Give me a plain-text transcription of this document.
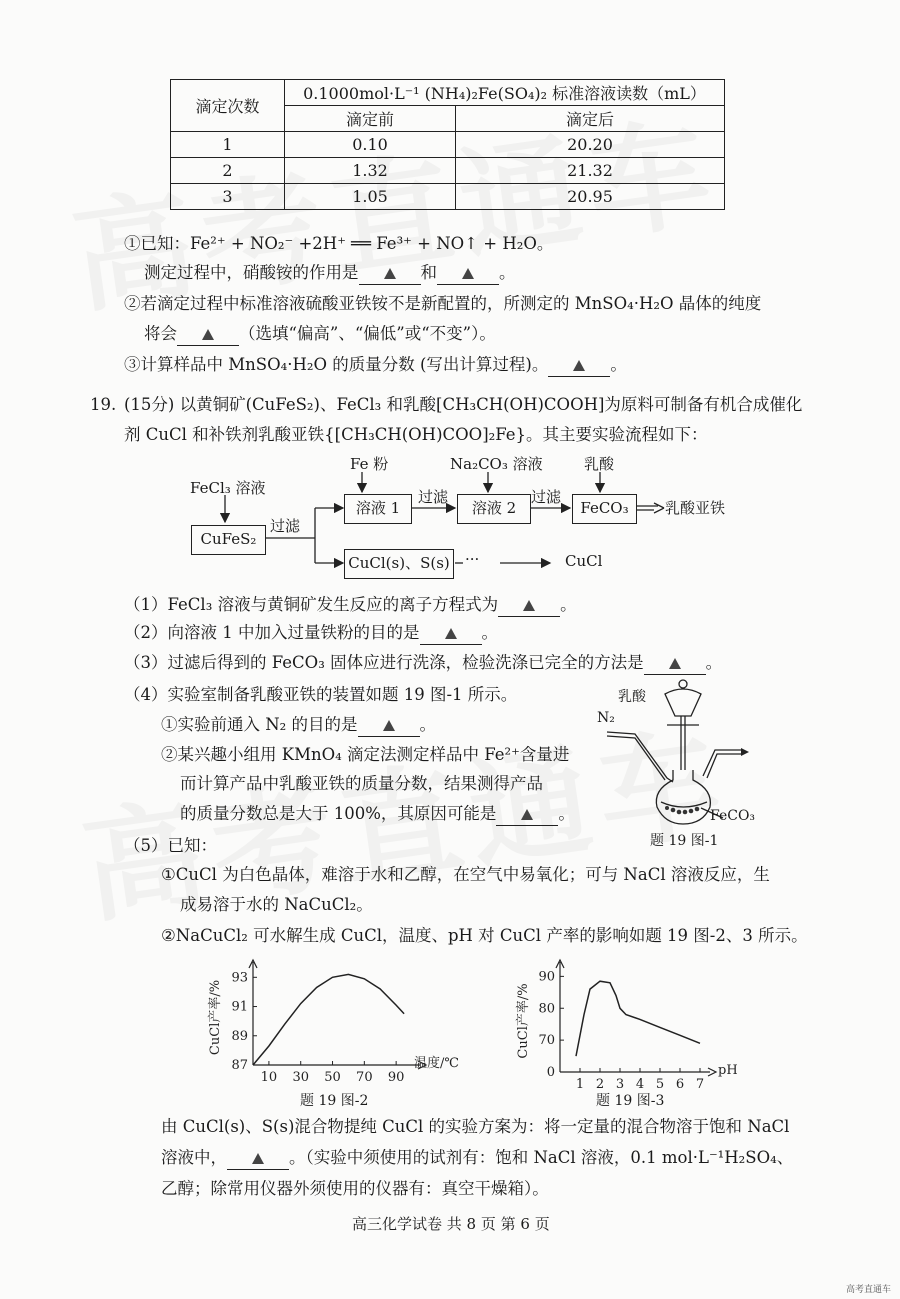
滴定次数	0.1000mol·L⁻¹ (NH₄)₂Fe(SO₄)₂ 标准溶液读数（mL）	
	滴定前	滴定后
1	0.10	20.20
2	1.32	21.32
3	1.05	20.95
①已知：Fe²⁺ + NO₂⁻ +2H⁺ ══ Fe³⁺ + NO↑ + H₂O。
测定过程中，硝酸铵的作用是	和	。
②若滴定过程中标准溶液硫酸亚铁铵不是新配置的，所测定的 MnSO₄·H₂O 晶体的纯度
将会	（选填“偏高”、“偏低”或“不变”）。
③计算样品中 MnSO₄·H₂O 的质量分数 (写出计算过程)。	。
19. (15分) 以黄铜矿(CuFeS₂)、FeCl₃ 和乳酸[CH₃CH(OH)COOH]为原料可制备有机合成催化
剂 CuCl 和补铁剂乳酸亚铁{[CH₃CH(OH)COO]₂Fe}。其主要实验流程如下：
FeCl₃ 溶液
CuFeS₂
过滤
Fe 粉
溶液 1
过滤
Na₂CO₃ 溶液
溶液 2
过滤
乳酸
FeCO₃	乳酸亚铁
CuCl(s)、S(s) ···	CuCl
（1）FeCl₃ 溶液与黄铜矿发生反应的离子方程式为	。
（2）向溶液 1 中加入过量铁粉的目的是	。
（3）过滤后得到的 FeCO₃ 固体应进行洗涤，检验洗涤已完全的方法是	。
（4）实验室制备乳酸亚铁的装置如题 19 图-1 所示。
①实验前通入 N₂ 的目的是	。
②某兴趣小组用 KMnO₄ 滴定法测定样品中 Fe²⁺含量进
而计算产品中乳酸亚铁的质量分数，结果测得产品
的质量分数总是大于 100%，其原因可能是	。
乳酸
N₂
FeCO₃
题 19 图-1
（5）已知：
①CuCl 为白色晶体，难溶于水和乙醇，在空气中易氧化；可与 NaCl 溶液反应，生
成易溶于水的 NaCuCl₂。
②NaCuCl₂ 可水解生成 CuCl，温度、pH 对 CuCl 产率的影响如题 19 图-2、3 所示。
10 30 50 70 90
87
89
91
93
CuCl产率/%
温度/℃
题 19 图-2
1 2 3 4 5 6 7
0
70
80
90
CuCl产率/%
pH
题 19 图-3
由 CuCl(s)、S(s)混合物提纯 CuCl 的实验方案为：将一定量的混合物溶于饱和 NaCl
溶液中，	。（实验中须使用的试剂有：饱和 NaCl 溶液，0.1 mol·L⁻¹H₂SO₄、
乙醇；除常用仪器外须使用的仪器有：真空干燥箱）。
高三化学试卷 共 8 页 第 6 页
高考直通车
